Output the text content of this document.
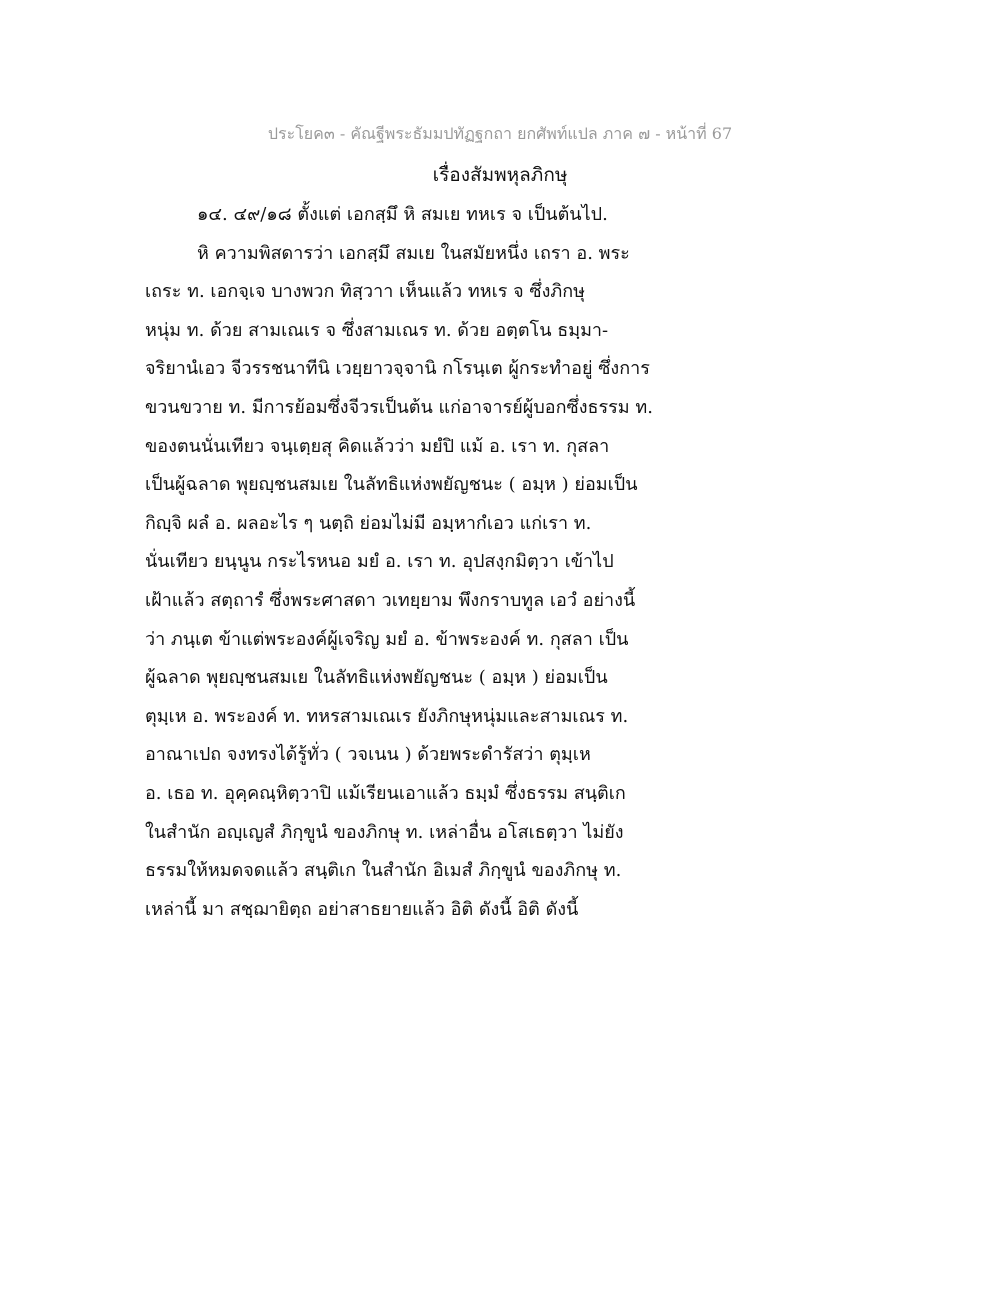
ประโยค๓ - คัณฐีพระธัมมปทัฏฐกถา ยกศัพท์แปล ภาค ๗ - หน้าที่ 67
เรื่องสัมพหุลภิกษุ
๑๔. ๔๙/๑๘ ตั้งแต่ เอกสฺมึ หิ สมเย ทหเร จ เป็นต้นไป.
หิ ความพิสดารว่า เอกสฺมึ สมเย ในสมัยหนึ่ง เถรา อ. พระ
เถระ ท. เอกจฺเจ บางพวก ทิสฺวาา เห็นแล้ว ทหเร จ ซึ่งภิกษุ
หนุ่ม ท. ด้วย สามเณเร จ ซึ่งสามเณร ท. ด้วย อตฺตโน ธมฺมา-
จริยานํเอว จีวรรชนาทีนิ เวยฺยาวจฺจานิ กโรนฺเต ผู้กระทำอยู่ ซึ่งการ
ขวนขวาย ท. มีการย้อมซึ่งจีวรเป็นต้น แก่อาจารย์ผู้บอกซึ่งธรรม ท.
ของตนนั่นเทียว จนฺเตฺยสุ คิดแล้วว่า มยํปิ แม้ อ. เรา ท. กุสลา
เป็นผู้ฉลาด พุยญฺชนสมเย ในลัทธิแห่งพยัญชนะ ( อมฺห ) ย่อมเป็น
กิญฺจิ ผลํ อ. ผลอะไร ๆ นตฺถิ ย่อมไม่มี อมฺหากํเอว แก่เรา ท.
นั่นเทียว ยนฺนูน กระไรหนอ มยํ อ. เรา ท. อุปสงฺกมิตฺวา เข้าไป
เฝ้าแล้ว สตฺถารํ ซึ่งพระศาสดา วเทยฺยาม พึงกราบทูล เอวํ อย่างนี้
ว่า ภนฺเต ข้าแต่พระองค์ผู้เจริญ มยํ อ. ข้าพระองค์ ท. กุสลา เป็น
ผู้ฉลาด พุยญฺชนสมเย ในลัทธิแห่งพยัญชนะ ( อมฺห ) ย่อมเป็น
ตุมฺเห อ. พระองค์ ท. ทหรสามเณเร ยังภิกษุหนุ่มและสามเณร ท.
อาณาเปถ จงทรงได้รู้ทั่ว ( วจเนน ) ด้วยพระดำรัสว่า ตุมฺเห
อ. เธอ ท. อุคฺคณฺหิตฺวาปิ แม้เรียนเอาแล้ว ธมฺมํ ซึ่งธรรม สนฺติเก
ในสำนัก อญฺเญสํ ภิกฺขูนํ ของภิกษุ ท. เหล่าอื่น อโสเธตฺวา ไม่ยัง
ธรรมให้หมดจดแล้ว สนฺติเก ในสำนัก อิเมสํ ภิกฺขูนํ ของภิกษุ ท.
เหล่านี้ มา สชฺฌายิตฺถ อย่าสาธยายแล้ว อิติ ดังนี้ อิติ ดังนี้
